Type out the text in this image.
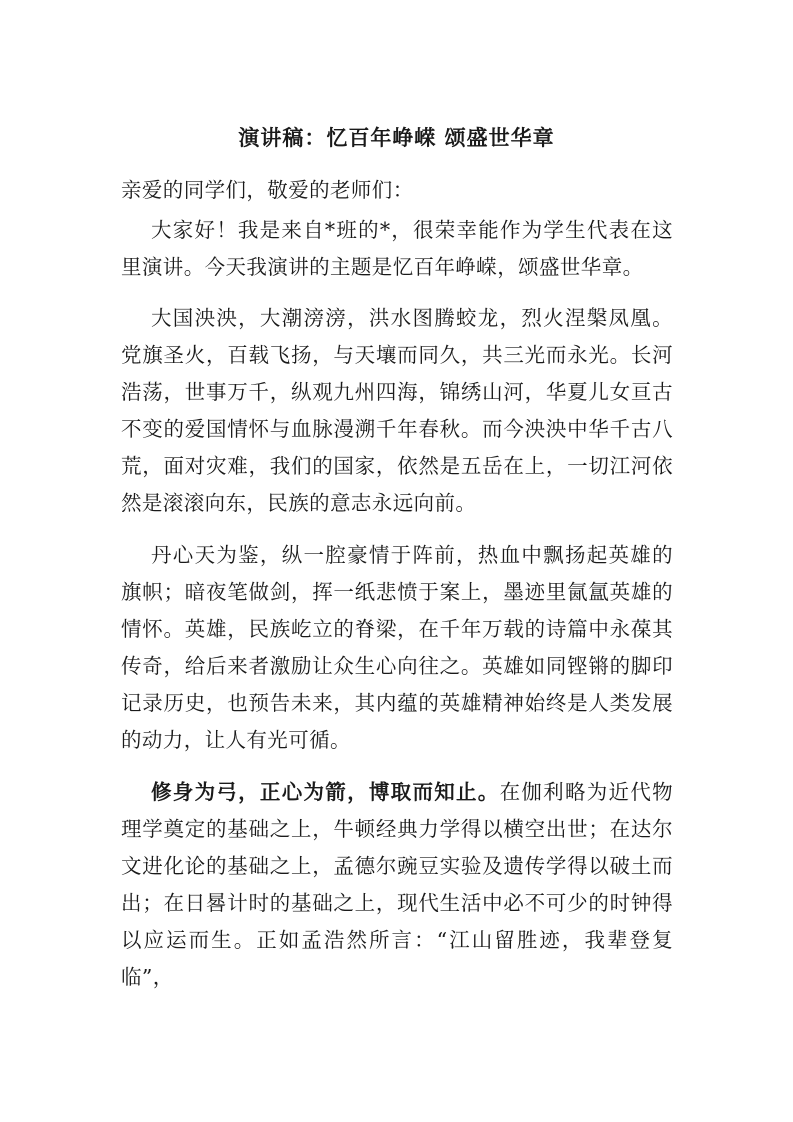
演讲稿：忆百年峥嵘 颂盛世华章

亲爱的同学们，敬爱的老师们：

大家好！我是来自*班的*，很荣幸能作为学生代表在这里演讲。今天我演讲的主题是忆百年峥嵘，颂盛世华章。

大国泱泱，大潮滂滂，洪水图腾蛟龙，烈火涅槃凤凰。党旗圣火，百载飞扬，与天壤而同久，共三光而永光。长河浩荡，世事万千，纵观九州四海，锦绣山河，华夏儿女亘古不变的爱国情怀与血脉漫溯千年春秋。而今泱泱中华千古八荒，面对灾难，我们的国家，依然是五岳在上，一切江河依然是滚滚向东，民族的意志永远向前。

丹心天为鉴，纵一腔豪情于阵前，热血中飘扬起英雄的旗帜；暗夜笔做剑，挥一纸悲愤于案上，墨迹里氤氲英雄的情怀。英雄，民族屹立的脊梁，在千年万载的诗篇中永葆其传奇，给后来者激励让众生心向往之。英雄如同铿锵的脚印记录历史，也预告未来，其内蕴的英雄精神始终是人类发展的动力，让人有光可循。

修身为弓，正心为箭，博取而知止。在伽利略为近代物理学奠定的基础之上，牛顿经典力学得以横空出世；在达尔文进化论的基础之上，孟德尔豌豆实验及遗传学得以破土而出；在日晷计时的基础之上，现代生活中必不可少的时钟得以应运而生。正如孟浩然所言：“江山留胜迹，我辈登复临”，
